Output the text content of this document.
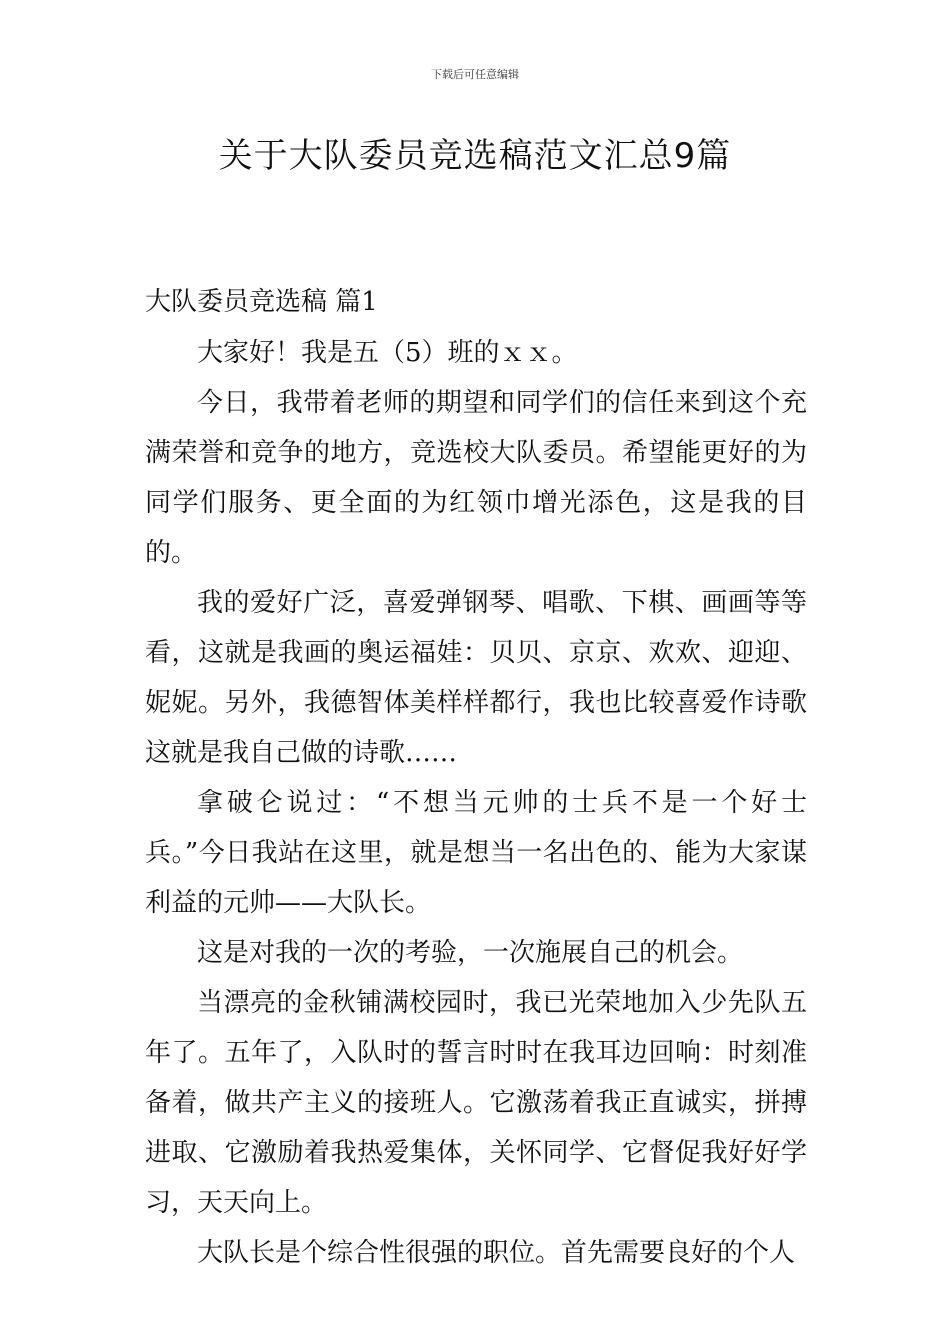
下载后可任意编辑
关于大队委员竞选稿范文汇总9篇
大队委员竞选稿 篇1

大家好！我是五（5）班的ｘｘ。

今日，我带着老师的期望和同学们的信任来到这个充满荣誉和竞争的地方，竞选校大队委员。希望能更好的为同学们服务、更全面的为红领巾增光添色，这是我的目的。

我的爱好广泛，喜爱弹钢琴、唱歌、下棋、画画等等看，这就是我画的奥运福娃：贝贝、京京、欢欢、迎迎、妮妮。另外，我德智体美样样都行，我也比较喜爱作诗歌这就是我自己做的诗歌……

拿破仑说过：“不想当元帅的士兵不是一个好士兵。”今日我站在这里，就是想当一名出色的、能为大家谋利益的元帅——大队长。

这是对我的一次的考验，一次施展自己的机会。

当漂亮的金秋铺满校园时，我已光荣地加入少先队五年了。五年了，入队时的誓言时时在我耳边回响：时刻准备着，做共产主义的接班人。它激荡着我正直诚实，拼搏进取、它激励着我热爱集体，关怀同学、它督促我好好学习，天天向上。

大队长是个综合性很强的职位。首先需要良好的个人
